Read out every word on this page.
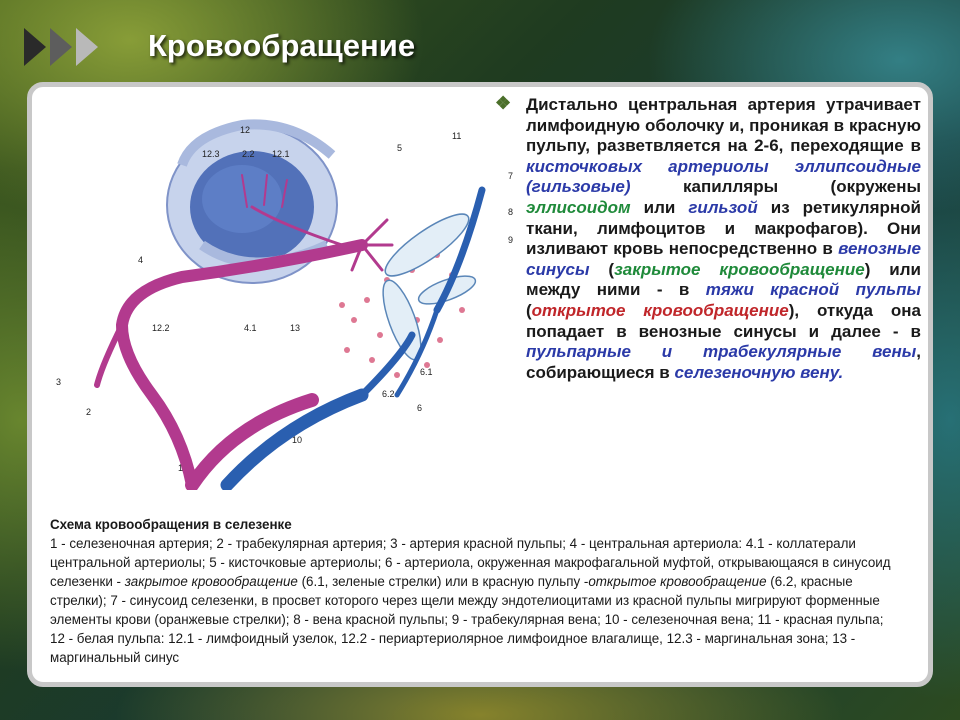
Кровообращение
12
12.3 2.2 12.1
5
11
7
8
9
4
12.2
3
2
1
4.1	13
6.1
6.2
6
10
❖ Дистально центральная артерия утрачивает лимфоидную оболочку и, проникая в красную пульпу, разветвляется на 2-6, переходящие в кисточковых артериолы эллипсоидные (гильзовые) капилляры (окружены эллисоидом или гильзой из ретикулярной ткани, лимфоцитов и макрофагов). Они изливают кровь непосредственно в венозные синусы (закрытое кровообращение) или между ними - в тяжи красной пульпы (открытое кровообращение), откуда она попадает в венозные синусы и далее - в пульпарные и трабекулярные вены, собирающиеся в селезеночную вену.

Схема кровообращения в селезенке
1 - селезеночная артерия; 2 - трабекулярная артерия; 3 - артерия красной пульпы; 4 - центральная артериола: 4.1 - коллатерали центральной артериолы; 5 - кисточковые артериолы; 6 - артериола, окруженная макрофагальной муфтой, открывающаяся в синусоид селезенки - закрытое кровообращение (6.1, зеленые стрелки) или в красную пульпу -открытое кровообращение (6.2, красные стрелки); 7 - синусоид селезенки, в просвет которого через щели между эндотелиоцитами из красной пульпы мигрируют форменные элементы крови (оранжевые стрелки); 8 - вена красной пульпы; 9 - трабекулярная вена; 10 - селезеночная вена; 11 - красная пульпа; 12 - белая пульпа: 12.1 - лимфоидный узелок, 12.2 - периартериолярное лимфоидное влагалище, 12.3 - маргинальная зона; 13 - маргинальный синус
